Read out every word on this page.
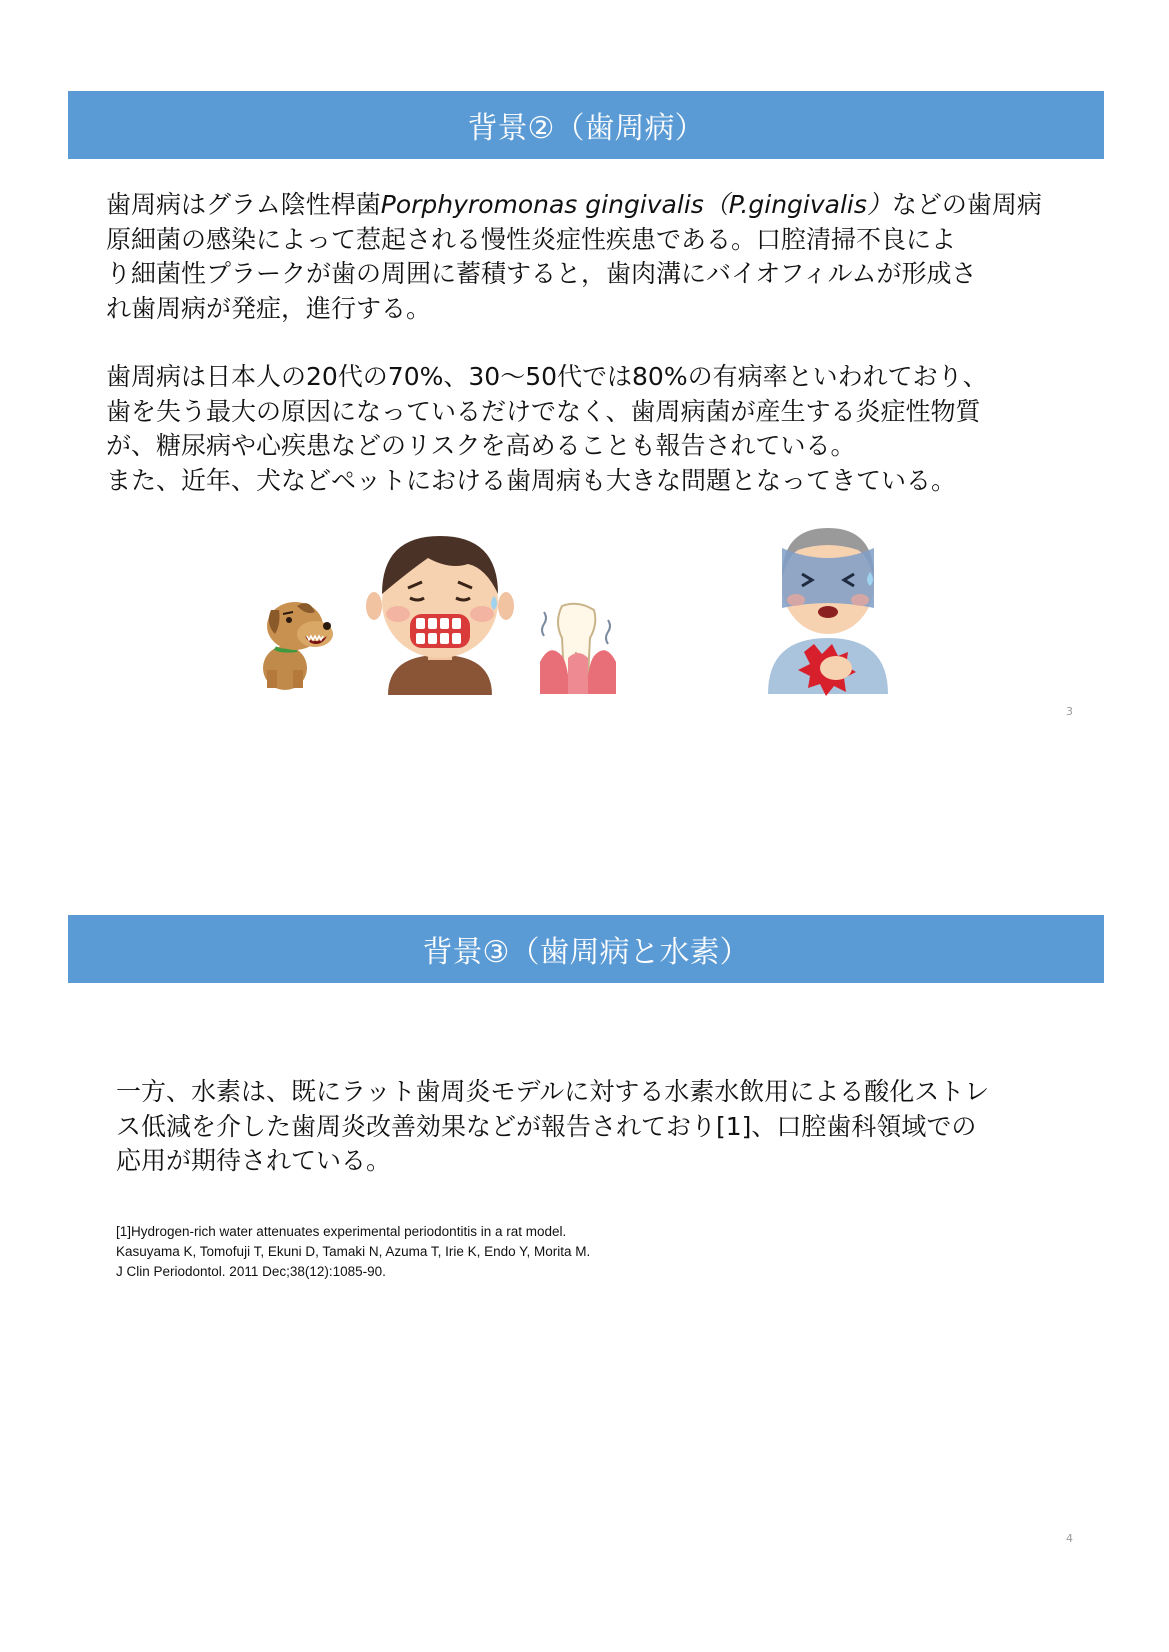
背景②（歯周病）
歯周病はグラム陰性桿菌Porphyromonas gingivalis（P.gingivalis）などの歯周病
原細菌の感染によって惹起される慢性炎症性疾患である。口腔清掃不良によ
り細菌性プラークが歯の周囲に蓄積すると，歯肉溝にバイオフィルムが形成さ
れ歯周病が発症，進行する。
歯周病は日本人の20代の70%、30～50代では80%の有病率といわれており、
歯を失う最大の原因になっているだけでなく、歯周病菌が産生する炎症性物質
が、糖尿病や心疾患などのリスクを高めることも報告されている。
また、近年、犬などペットにおける歯周病も大きな問題となってきている。
3
背景③（歯周病と水素）
一方、水素は、既にラット歯周炎モデルに対する水素水飲用による酸化ストレ
ス低減を介した歯周炎改善効果などが報告されており[1]、口腔歯科領域での
応用が期待されている。
4
[1]Hydrogen-rich water attenuates experimental periodontitis in a rat model.
Kasuyama K, Tomofuji T, Ekuni D, Tamaki N, Azuma T, Irie K, Endo Y, Morita M.
J Clin Periodontol. 2011 Dec;38(12):1085-90.
